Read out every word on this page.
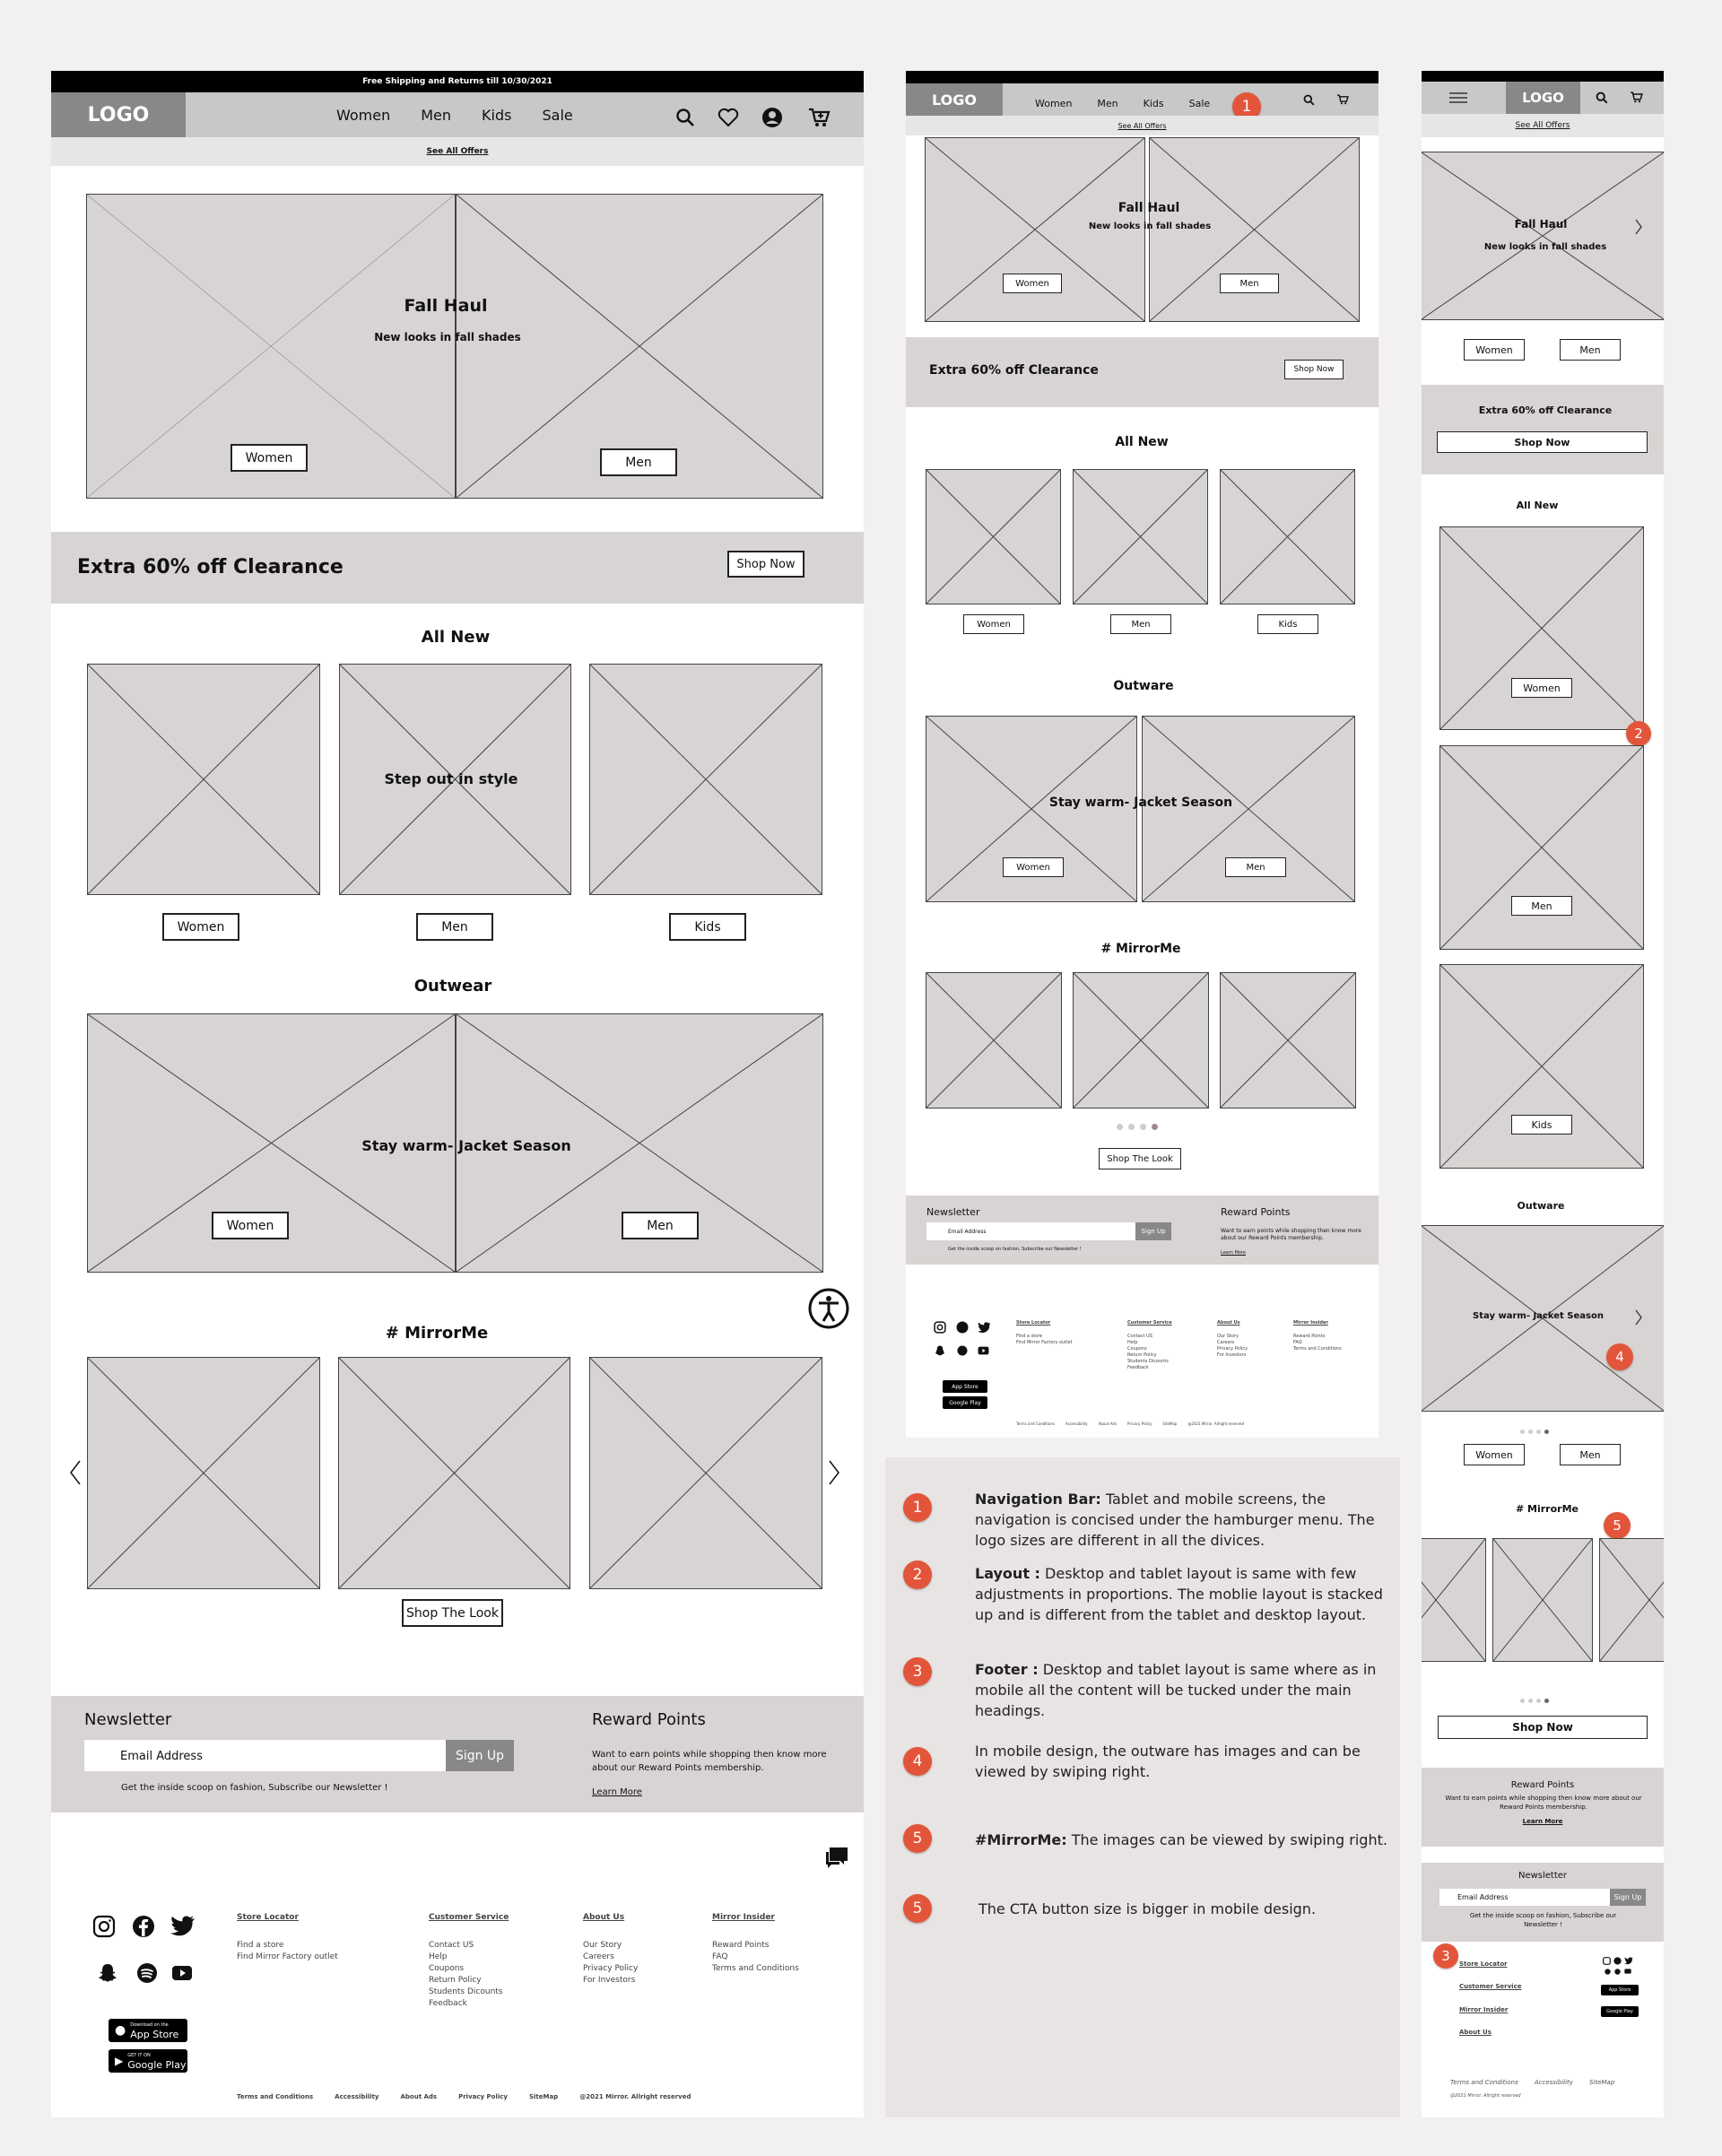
Free Shipping and Returns till 10/30/2021
LOGO	Women Men Kids Sale
See All Offers
Fall Haul
New looks in fall shades
Women	Men
Extra 60% off Clearance	Shop Now
All New
Step out in style
Women	Men	Kids
Outwear
Stay warm- Jacket Season
Women	Men
# MirrorMe
Shop The Look
Newsletter
Email Address	Sign Up
Get the inside scoop on fashion, Subscribe our Newsletter !
Reward Points
Want to earn points while shopping then know more about our Reward Points membership.
Learn More
● Download on the
App Store
▶ GET IT ON
Google Play
Store Locator
Find a store
Find Mirror Factory outlet
Customer Service
Contact US
Help
Coupons
Return Policy
Students Dicounts
Feedback
About Us
Our Story
Careers
Privacy Policy
For Investors
Mirror Insider
Reward Points
FAQ
Terms and Conditions
Terms and Conditions	Accessibility	About Ads	Privacy Policy	SiteMap	@2021 Mirror. Allright reserved
LOGO	Women	Men	Kids	Sale	1
See All Offers
Fall Haul
New looks in fall shades
Women	Men
Extra 60% off Clearance	Shop Now
All New
Women	Men	Kids
Outware
Stay warm- Jacket Season
Women	Men
# MirrorMe
Shop The Look
Newsletter
Email Address	Sign Up
Get the inside scoop on fashion, Subscribe our Newsletter !
Reward Points
Want to earn points while shopping then know more about our Reward Points membership.
Learn More
App Store
Google Play
Store Locator
Find a store
Find Mirror Factory outlet
Customer Service
Contact US
Help
Coupons
Return Policy
Students Dicounts
Feedback
About Us
Our Story
Careers
Privacy Policy
For Investors
Mirror Insider
Reward Points
FAQ
Terms and Conditions
Terms and Conditions	Accessibility	About Ads	Privacy Policy	SiteMap	@2021 Mirror. Allright reserved
1	Navigation Bar: Tablet and mobile screens, the navigation is concised under the hamburger menu. The logo sizes are different in all the divices.
2	Layout : Desktop and tablet layout is same with few adjustments in proportions. The moblie layout is stacked up and is different from the tablet and desktop layout.
3	Footer : Desktop and tablet layout is same where as in mobile all the content will be tucked under the main headings.
4
In mobile design, the outware has images and can be viewed by swiping right.
5	#MirrorMe: The images can be viewed by swiping right.
5	The CTA button size is bigger in mobile design.
LOGO
See All Offers
Fall Haul
New looks in fall shades
Women	Men
Extra 60% off Clearance
Shop Now
All New
Women
2
Men
Kids
Outware
Stay warm- Jacket Season
4
Women	Men
# MirrorMe
5
Shop Now
Reward Points
Want to earn points while shopping then know more about our Reward Points membership.
Learn More
Newsletter
Email Address	Sign Up
Get the inside scoop on fashion, Subscribe our Newsletter !
3	Store Locator
Customer Service
Mirror Insider
About Us
App Store
Google Play
Terms and Conditions	Accessibility	SiteMap
@2021 Mirror. Allright reserved
